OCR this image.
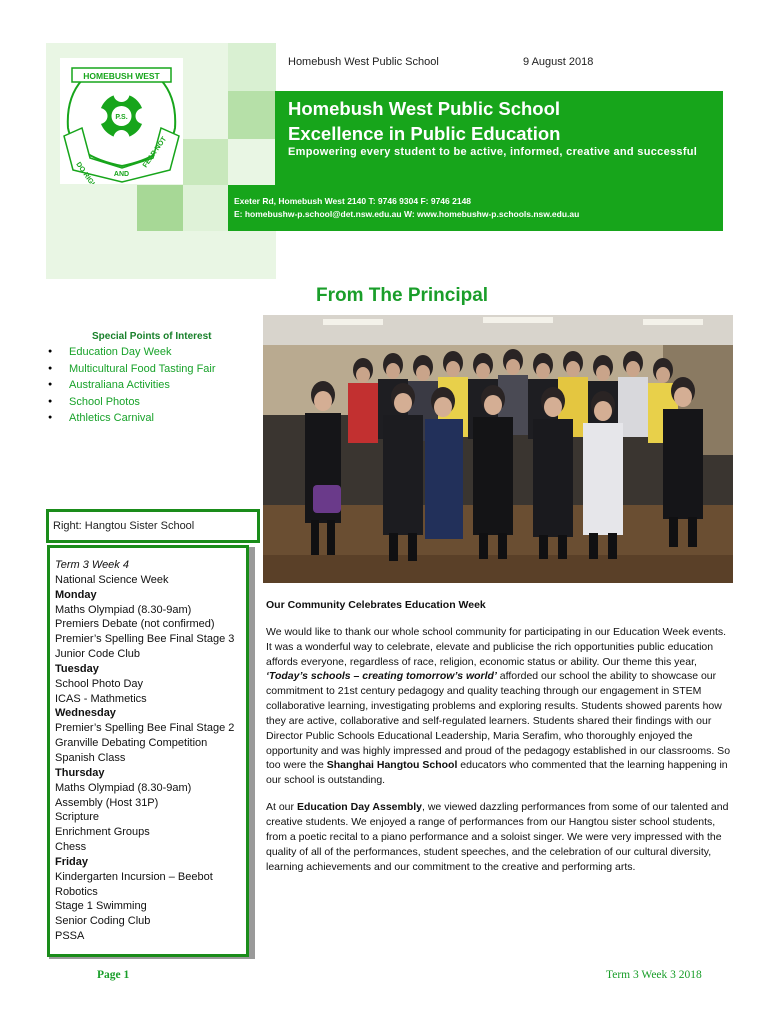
HOMEBUSH WEST
P.S.
DO RIGHT AND
FEAR NOT
Homebush West Public School	9 August 2018
Homebush West Public School
Excellence in Public Education
Empowering every student to be active, informed, creative and successful
Exeter Rd, Homebush West 2140 T: 9746 9304 F: 9746 2148
E: homebushw-p.school@det.nsw.edu.au W: www.homebushw-p.schools.nsw.edu.au
From The Principal
Special Points of Interest
● Education Day Week
● Multicultural Food Tasting Fair
● Australiana Activities
● School Photos
● Athletics Carnival
Right: Hangtou Sister School
Term 3 Week 4
National Science Week
Monday
Maths Olympiad (8.30-9am)
Premiers Debate (not confirmed)
Premier’s Spelling Bee Final Stage 3
Junior Code Club
Tuesday
School Photo Day
ICAS - Mathmetics
Wednesday
Premier’s Spelling Bee Final Stage 2
Granville Debating Competition
Spanish Class
Thursday
Maths Olympiad (8.30-9am)
Assembly (Host 31P)
Scripture
Enrichment Groups
Chess
Friday
Kindergarten Incursion – Beebot
Robotics
Stage 1 Swimming
Senior Coding Club
PSSA
Our Community Celebrates Education Week

We would like to thank our whole school community for participating in our Education Week events. It was a wonderful way to celebrate, elevate and publicise the rich opportunities public education affords everyone, regardless of race, religion, economic status or ability. Our theme this year, ‘Today’s schools – creating tomorrow’s world’ afforded our school the ability to showcase our commitment to 21st century pedagogy and quality teaching through our engagement in STEM collaborative learning, investigating problems and exploring results. Students showed parents how they are active, collaborative and self-regulated learners. Students shared their findings with our Director Public Schools Educational Leadership, Maria Serafim, who thoroughly enjoyed the opportunity and was highly impressed and proud of the pedagogy established in our classrooms. So too were the Shanghai Hangtou School educators who commented that the learning happening in our school is outstanding.

At our Education Day Assembly, we viewed dazzling performances from some of our talented and creative students. We enjoyed a range of performances from our Hangtou sister school students, from a poetic recital to a piano performance and a soloist singer. We were very impressed with the quality of all of the performances, student speeches, and the celebration of our cultural diversity, learning achievements and our commitment to the creative and performing arts.

Page 1	Term 3 Week 3 2018
